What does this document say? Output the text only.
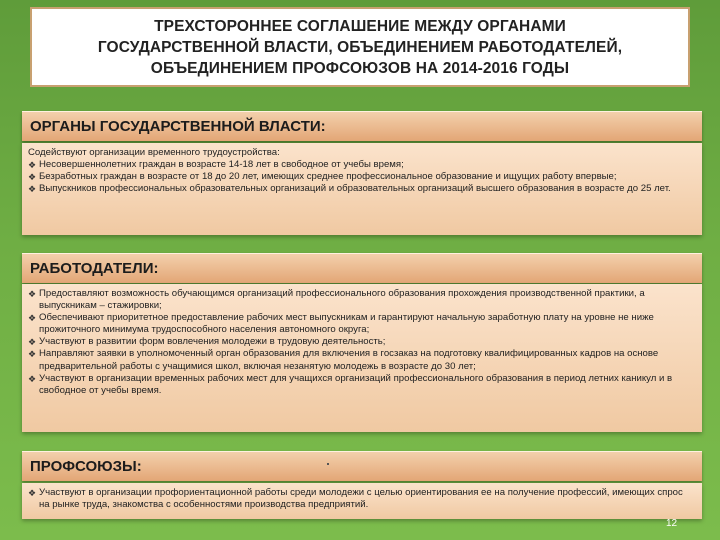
ТРЕХСТОРОННЕЕ СОГЛАШЕНИЕ МЕЖДУ ОРГАНАМИ
ГОСУДАРСТВЕННОЙ ВЛАСТИ, ОБЪЕДИНЕНИЕМ РАБОТОДАТЕЛЕЙ,
ОБЪЕДИНЕНИЕМ ПРОФСОЮЗОВ НА 2014-2016 ГОДЫ
ОРГАНЫ ГОСУДАРСТВЕННОЙ ВЛАСТИ:
Содействуют организации временного трудоустройства:
❖ Несовершеннолетних граждан в возрасте 14-18 лет в свободное от учебы время;
❖ Безработных граждан в возрасте от 18 до 20 лет, имеющих среднее профессиональное образование и ищущих работу впервые;
❖ Выпускников профессиональных образовательных организаций и образовательных организаций высшего образования в возрасте до 25 лет.
РАБОТОДАТЕЛИ:
❖ Предоставляют возможность обучающимся организаций профессионального образования прохождения производственной практики, а выпускникам – стажировки;
❖ Обеспечивают приоритетное предоставление рабочих мест выпускникам и гарантируют начальную заработную плату на уровне не ниже прожиточного минимума трудоспособного населения автономного округа;
❖ Участвуют в развитии форм вовлечения молодежи в трудовую деятельность;
❖ Направляют заявки в уполномоченный орган образования для включения в госзаказ на подготовку квалифицированных кадров на основе предварительной работы с учащимися школ, включая незанятую молодежь в возрасте до 30 лет;
❖ Участвуют в организации временных рабочих мест для учащихся организаций профессионального образования в период летних каникул и в свободное от учебы время.
ПРОФСОЮЗЫ:
❖ Участвуют в организации профориентационной работы среди молодежи с целью ориентирования ее на получение профессий, имеющих спрос на рынке труда, знакомства с особенностями производства предприятий.
12
